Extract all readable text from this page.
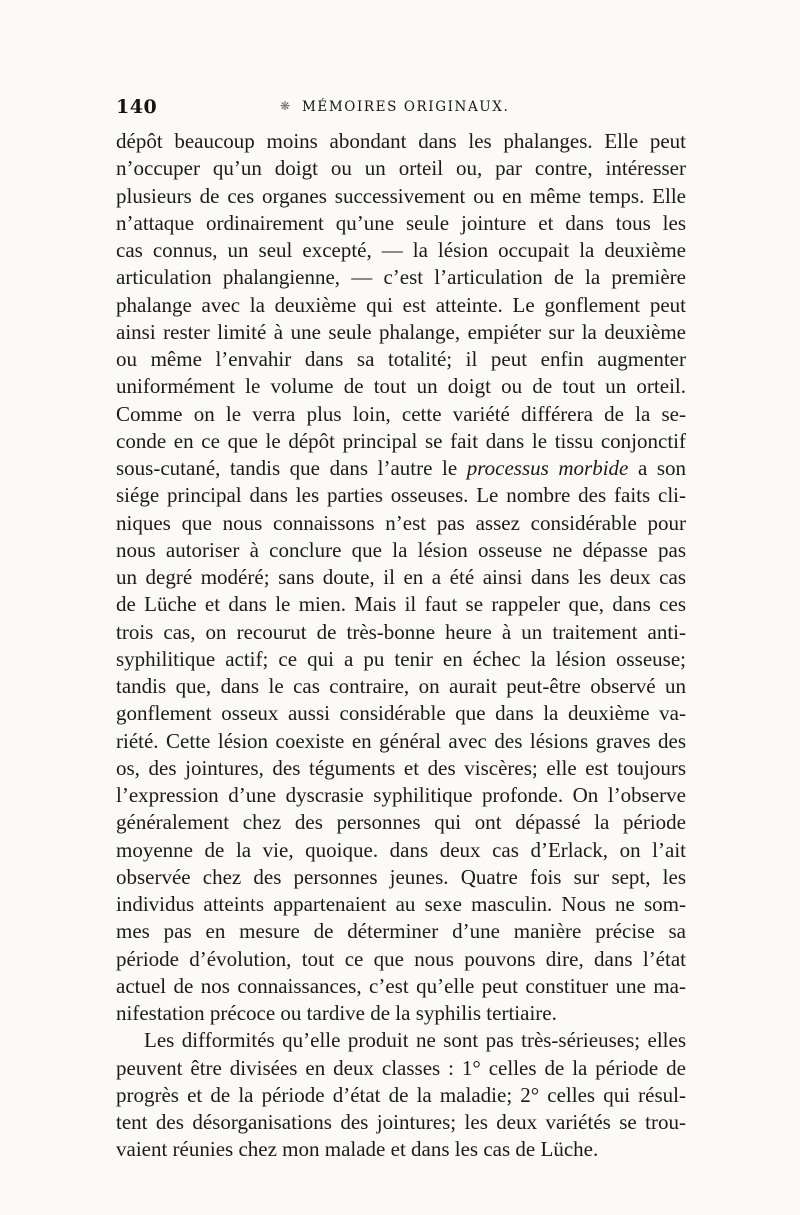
140	❋ MÉMOIRES ORIGINAUX.
dépôt beaucoup moins abondant dans les phalanges. Elle peut
n’occuper qu’un doigt ou un orteil ou, par contre, intéresser
plusieurs de ces organes successivement ou en même temps. Elle
n’attaque ordinairement qu’une seule jointure et dans tous les
cas connus, un seul excepté, — la lésion occupait la deuxième
articulation phalangienne, — c’est l’articulation de la première
phalange avec la deuxième qui est atteinte. Le gonflement peut
ainsi rester limité à une seule phalange, empiéter sur la deuxième
ou même l’envahir dans sa totalité; il peut enfin augmenter
uniformément le volume de tout un doigt ou de tout un orteil.
Comme on le verra plus loin, cette variété différera de la se-
conde en ce que le dépôt principal se fait dans le tissu conjonctif
sous-cutané, tandis que dans l’autre le processus morbide a son
siége principal dans les parties osseuses. Le nombre des faits cli-
niques que nous connaissons n’est pas assez considérable pour
nous autoriser à conclure que la lésion osseuse ne dépasse pas
un degré modéré; sans doute, il en a été ainsi dans les deux cas
de Lüche et dans le mien. Mais il faut se rappeler que, dans ces
trois cas, on recourut de très-bonne heure à un traitement anti-
syphilitique actif; ce qui a pu tenir en échec la lésion osseuse;
tandis que, dans le cas contraire, on aurait peut-être observé un
gonflement osseux aussi considérable que dans la deuxième va-
riété. Cette lésion coexiste en général avec des lésions graves des
os, des jointures, des téguments et des viscères; elle est toujours
l’expression d’une dyscrasie syphilitique profonde. On l’observe
généralement chez des personnes qui ont dépassé la période
moyenne de la vie, quoique. dans deux cas d’Erlack, on l’ait
observée chez des personnes jeunes. Quatre fois sur sept, les
individus atteints appartenaient au sexe masculin. Nous ne som-
mes pas en mesure de déterminer d’une manière précise sa
période d’évolution, tout ce que nous pouvons dire, dans l’état
actuel de nos connaissances, c’est qu’elle peut constituer une ma-
nifestation précoce ou tardive de la syphilis tertiaire.
Les difformités qu’elle produit ne sont pas très-sérieuses; elles
peuvent être divisées en deux classes : 1° celles de la période de
progrès et de la période d’état de la maladie; 2° celles qui résul-
tent des désorganisations des jointures; les deux variétés se trou-
vaient réunies chez mon malade et dans les cas de Lüche.
